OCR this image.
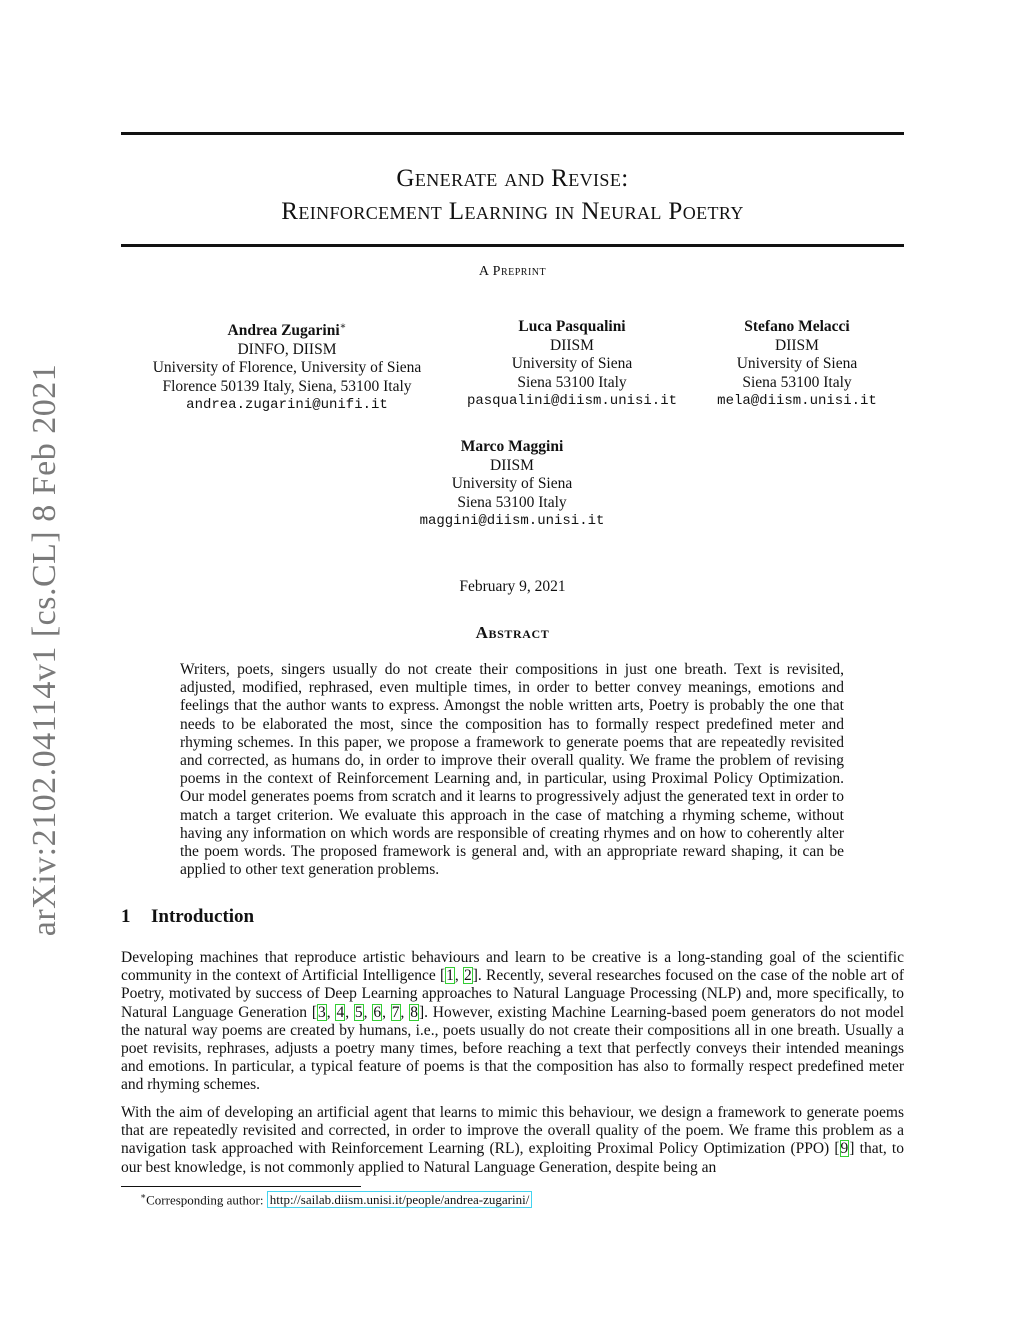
arXiv:2102.04114v1 [cs.CL] 8 Feb 2021
Generate and Revise:
Reinforcement Learning in Neural Poetry
A Preprint
Andrea Zugarini∗
DINFO, DIISM
University of Florence, University of Siena
Florence 50139 Italy, Siena, 53100 Italy
andrea.zugarini@unifi.it
Luca Pasqualini
DIISM
University of Siena
Siena 53100 Italy
pasqualini@diism.unisi.it
Stefano Melacci
DIISM
University of Siena
Siena 53100 Italy
mela@diism.unisi.it
Marco Maggini
DIISM
University of Siena
Siena 53100 Italy
maggini@diism.unisi.it
February 9, 2021
Abstract
Writers, poets, singers usually do not create their compositions in just one breath. Text is revisited, adjusted, modified, rephrased, even multiple times, in order to better convey meanings, emotions and feelings that the author wants to express. Amongst the noble written arts, Poetry is probably the one that needs to be elaborated the most, since the composition has to formally respect predefined meter and rhyming schemes. In this paper, we propose a framework to generate poems that are repeatedly revisited and corrected, as humans do, in order to improve their overall quality. We frame the problem of revising poems in the context of Reinforcement Learning and, in particular, using Proximal Policy Optimization. Our model generates poems from scratch and it learns to progressively adjust the generated text in order to match a target criterion. We evaluate this approach in the case of matching a rhyming scheme, without having any information on which words are responsible of creating rhymes and on how to coherently alter the poem words. The proposed framework is general and, with an appropriate reward shaping, it can be applied to other text generation problems.
1 Introduction
Developing machines that reproduce artistic behaviours and learn to be creative is a long-standing goal of the scientific community in the context of Artificial Intelligence [1, 2]. Recently, several researches focused on the case of the noble art of Poetry, motivated by success of Deep Learning approaches to Natural Language Processing (NLP) and, more specifically, to Natural Language Generation [3, 4, 5, 6, 7, 8]. However, existing Machine Learning-based poem generators do not model the natural way poems are created by humans, i.e., poets usually do not create their compositions all in one breath. Usually a poet revisits, rephrases, adjusts a poetry many times, before reaching a text that perfectly conveys their intended meanings and emotions. In particular, a typical feature of poems is that the composition has also to formally respect predefined meter and rhyming schemes.
With the aim of developing an artificial agent that learns to mimic this behaviour, we design a framework to generate poems that are repeatedly revisited and corrected, in order to improve the overall quality of the poem. We frame this problem as a navigation task approached with Reinforcement Learning (RL), exploiting Proximal Policy Optimization (PPO) [9] that, to our best knowledge, is not commonly applied to Natural Language Generation, despite being an
∗Corresponding author: http://sailab.diism.unisi.it/people/andrea-zugarini/
